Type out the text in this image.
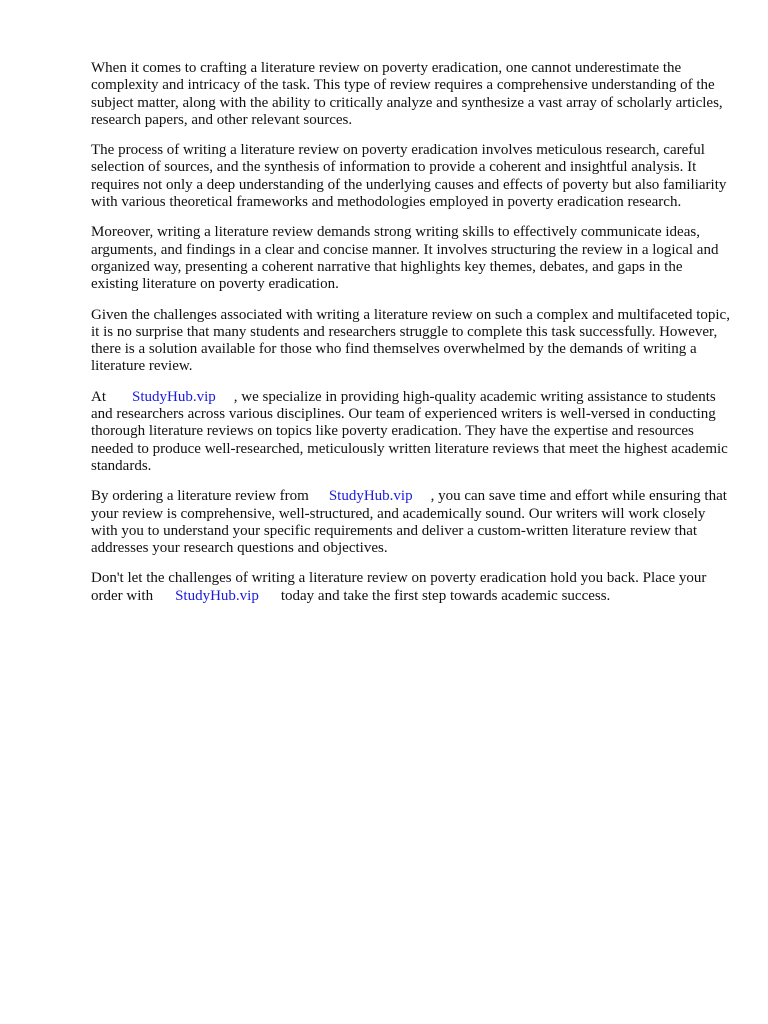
When it comes to crafting a literature review on poverty eradication, one cannot underestimate the complexity and intricacy of the task. This type of review requires a comprehensive understanding of the subject matter, along with the ability to critically analyze and synthesize a vast array of scholarly articles, research papers, and other relevant sources.

The process of writing a literature review on poverty eradication involves meticulous research, careful selection of sources, and the synthesis of information to provide a coherent and insightful analysis. It requires not only a deep understanding of the underlying causes and effects of poverty but also familiarity with various theoretical frameworks and methodologies employed in poverty eradication research.

Moreover, writing a literature review demands strong writing skills to effectively communicate ideas, arguments, and findings in a clear and concise manner. It involves structuring the review in a logical and organized way, presenting a coherent narrative that highlights key themes, debates, and gaps in the existing literature on poverty eradication.

Given the challenges associated with writing a literature review on such a complex and multifaceted topic, it is no surprise that many students and researchers struggle to complete this task successfully. However, there is a solution available for those who find themselves overwhelmed by the demands of writing a literature review.

At StudyHub.vip , we specialize in providing high-quality academic writing assistance to students and researchers across various disciplines. Our team of experienced writers is well-versed in conducting thorough literature reviews on topics like poverty eradication. They have the expertise and resources needed to produce well-researched, meticulously written literature reviews that meet the highest academic standards.

By ordering a literature review from StudyHub.vip , you can save time and effort while ensuring that your review is comprehensive, well-structured, and academically sound. Our writers will work closely with you to understand your specific requirements and deliver a custom-written literature review that addresses your research questions and objectives.

Don't let the challenges of writing a literature review on poverty eradication hold you back. Place your order with StudyHub.vip today and take the first step towards academic success.
